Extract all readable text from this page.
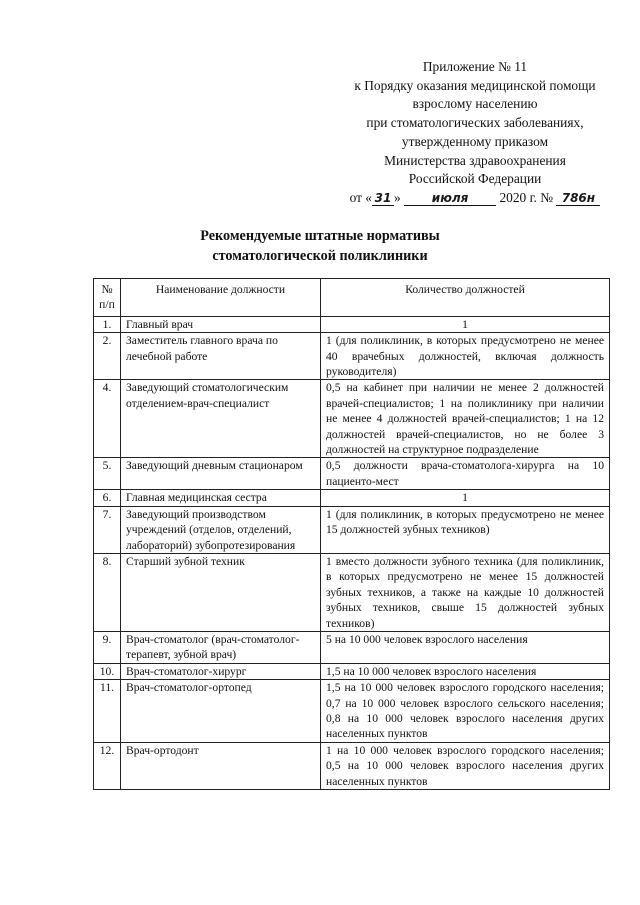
Приложение № 11
к Порядку оказания медицинской помощи
взрослому населению
при стоматологических заболеваниях,
утвержденному приказом
Министерства здравоохранения
Российской Федерации
от « 31 »	июля 2020 г. № 786н
Рекомендуемые штатные нормативы
стоматологической поликлиники
№ п/п	Наименование должности	Количество должностей
1.	Главный врач	1
2.	Заместитель главного врача по лечебной работе	1 (для поликлиник, в которых предусмотрено не менее 40 врачебных должностей, включая должность руководителя)
4.	Заведующий стоматологическим отделением-врач-специалист	0,5 на кабинет при наличии не менее 2 должностей врачей-специалистов; 1 на поликлинику при наличии не менее 4 должностей врачей-специалистов; 1 на 12 должностей врачей-специалистов, но не более 3 должностей на структурное подразделение
5.	Заведующий дневным стационаром	0,5 должности врача-стоматолога-хирурга на 10 пациенто-мест
6.	Главная медицинская сестра	1
7.	Заведующий производством учреждений (отделов, отделений, лабораторий) зубопротезирования	1 (для поликлиник, в которых предусмотрено не менее 15 должностей зубных техников)
8.	Старший зубной техник	1 вместо должности зубного техника (для поликлиник, в которых предусмотрено не менее 15 должностей зубных техников, а также на каждые 10 должностей зубных техников, свыше 15 должностей зубных техников)
9.	Врач-стоматолог (врач-стоматолог-терапевт, зубной врач)	5 на 10 000 человек взрослого населения
10.	Врач-стоматолог-хирург	1,5 на 10 000 человек взрослого населения
11.	Врач-стоматолог-ортопед	1,5 на 10 000 человек взрослого городского населения; 0,7 на 10 000 человек взрослого сельского населения; 0,8 на 10 000 человек взрослого населения других населенных пунктов
12.	Врач-ортодонт	1 на 10 000 человек взрослого городского населения; 0,5 на 10 000 человек взрослого населения других населенных пунктов
